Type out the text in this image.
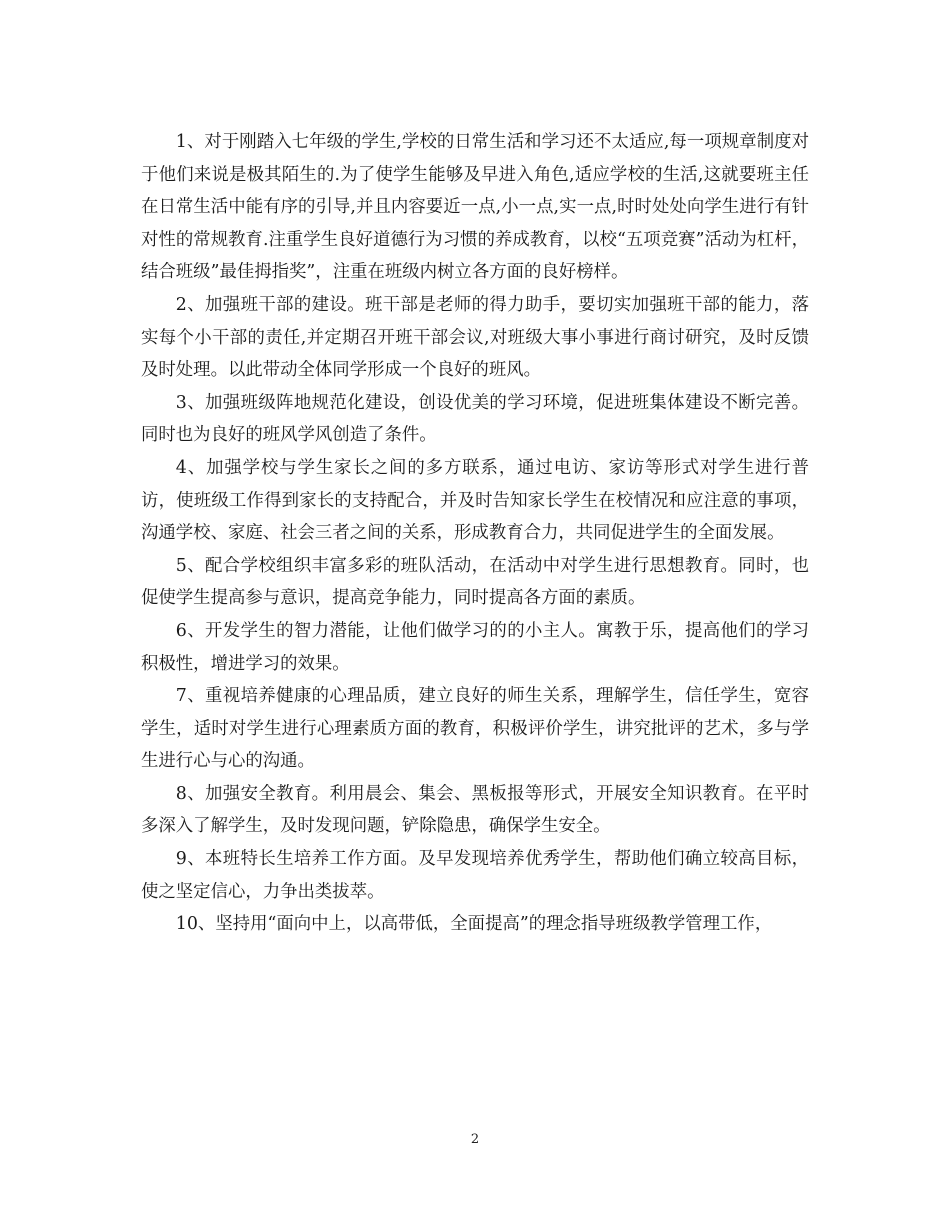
1、对于刚踏入七年级的学生,学校的日常生活和学习还不太适应,每一项规章制度对于他们来说是极其陌生的.为了使学生能够及早进入角色,适应学校的生活,这就要班主任在日常生活中能有序的引导,并且内容要近一点,小一点,实一点,时时处处向学生进行有针对性的常规教育.注重学生良好道德行为习惯的养成教育，以校“五项竞赛”活动为杠杆，结合班级”最佳拇指奖”，注重在班级内树立各方面的良好榜样。

2、加强班干部的建设。班干部是老师的得力助手，要切实加强班干部的能力，落实每个小干部的责任,并定期召开班干部会议,对班级大事小事进行商讨研究，及时反馈及时处理。以此带动全体同学形成一个良好的班风。

3、加强班级阵地规范化建设，创设优美的学习环境，促进班集体建设不断完善。同时也为良好的班风学风创造了条件。

4、加强学校与学生家长之间的多方联系，通过电访、家访等形式对学生进行普访，使班级工作得到家长的支持配合，并及时告知家长学生在校情况和应注意的事项，沟通学校、家庭、社会三者之间的关系，形成教育合力，共同促进学生的全面发展。

5、配合学校组织丰富多彩的班队活动，在活动中对学生进行思想教育。同时，也促使学生提高参与意识，提高竞争能力，同时提高各方面的素质。

6、开发学生的智力潜能，让他们做学习的的小主人。寓教于乐，提高他们的学习积极性，增进学习的效果。

7、重视培养健康的心理品质，建立良好的师生关系，理解学生，信任学生，宽容学生，适时对学生进行心理素质方面的教育，积极评价学生，讲究批评的艺术，多与学生进行心与心的沟通。

8、加强安全教育。利用晨会、集会、黑板报等形式，开展安全知识教育。在平时多深入了解学生，及时发现问题，铲除隐患，确保学生安全。

9、本班特长生培养工作方面。及早发现培养优秀学生，帮助他们确立较高目标，使之坚定信心，力争出类拔萃。

10、坚持用“面向中上，以高带低，全面提高”的理念指导班级教学管理工作，

2
